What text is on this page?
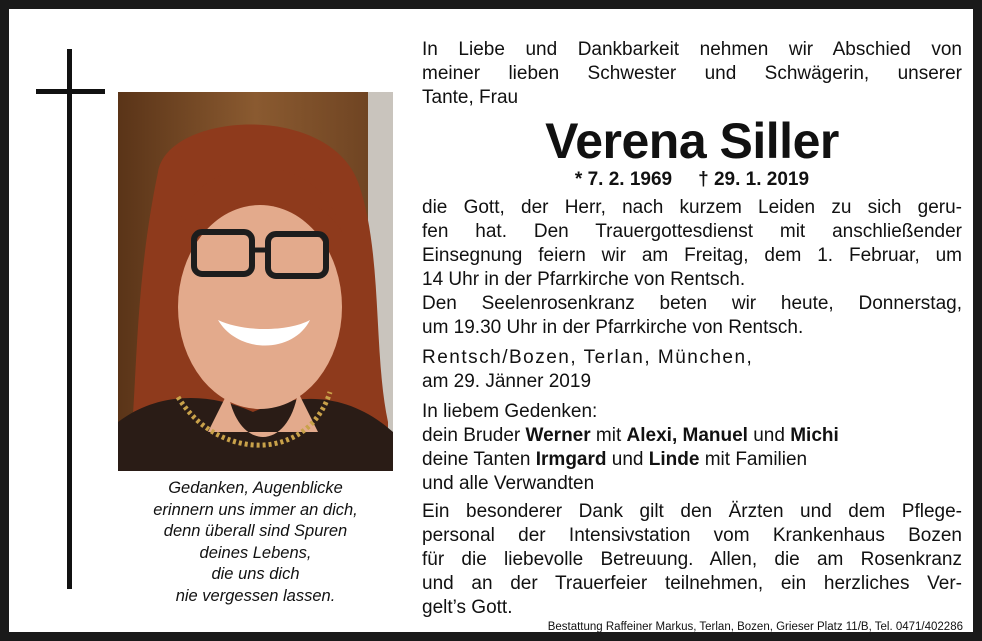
Gedanken, Augenblicke
erinnern uns immer an dich,
denn überall sind Spuren
deines Lebens,
die uns dich
nie vergessen lassen.
In Liebe und Dankbarkeit nehmen wir Abschied von
meiner lieben Schwester und Schwägerin, unserer
Tante, Frau
Verena Siller
* 7. 2. 1969 † 29. 1. 2019
die Gott, der Herr, nach kurzem Leiden zu sich geru-
fen hat. Den Trauergottesdienst mit anschließender
Einsegnung feiern wir am Freitag, dem 1. Februar, um
14 Uhr in der Pfarrkirche von Rentsch.
Den Seelenrosenkranz beten wir heute, Donnerstag,
um 19.30 Uhr in der Pfarrkirche von Rentsch.
Rentsch/Bozen, Terlan, München,
am 29. Jänner 2019
In liebem Gedenken:
dein Bruder Werner mit Alexi, Manuel und Michi
deine Tanten Irmgard und Linde mit Familien
und alle Verwandten
Ein besonderer Dank gilt den Ärzten und dem Pflege-
personal der Intensivstation vom Krankenhaus Bozen
für die liebevolle Betreuung. Allen, die am Rosenkranz
und an der Trauerfeier teilnehmen, ein herzliches Ver-
gelt’s Gott.
Bestattung Raffeiner Markus, Terlan, Bozen, Grieser Platz 11/B, Tel. 0471/402286
